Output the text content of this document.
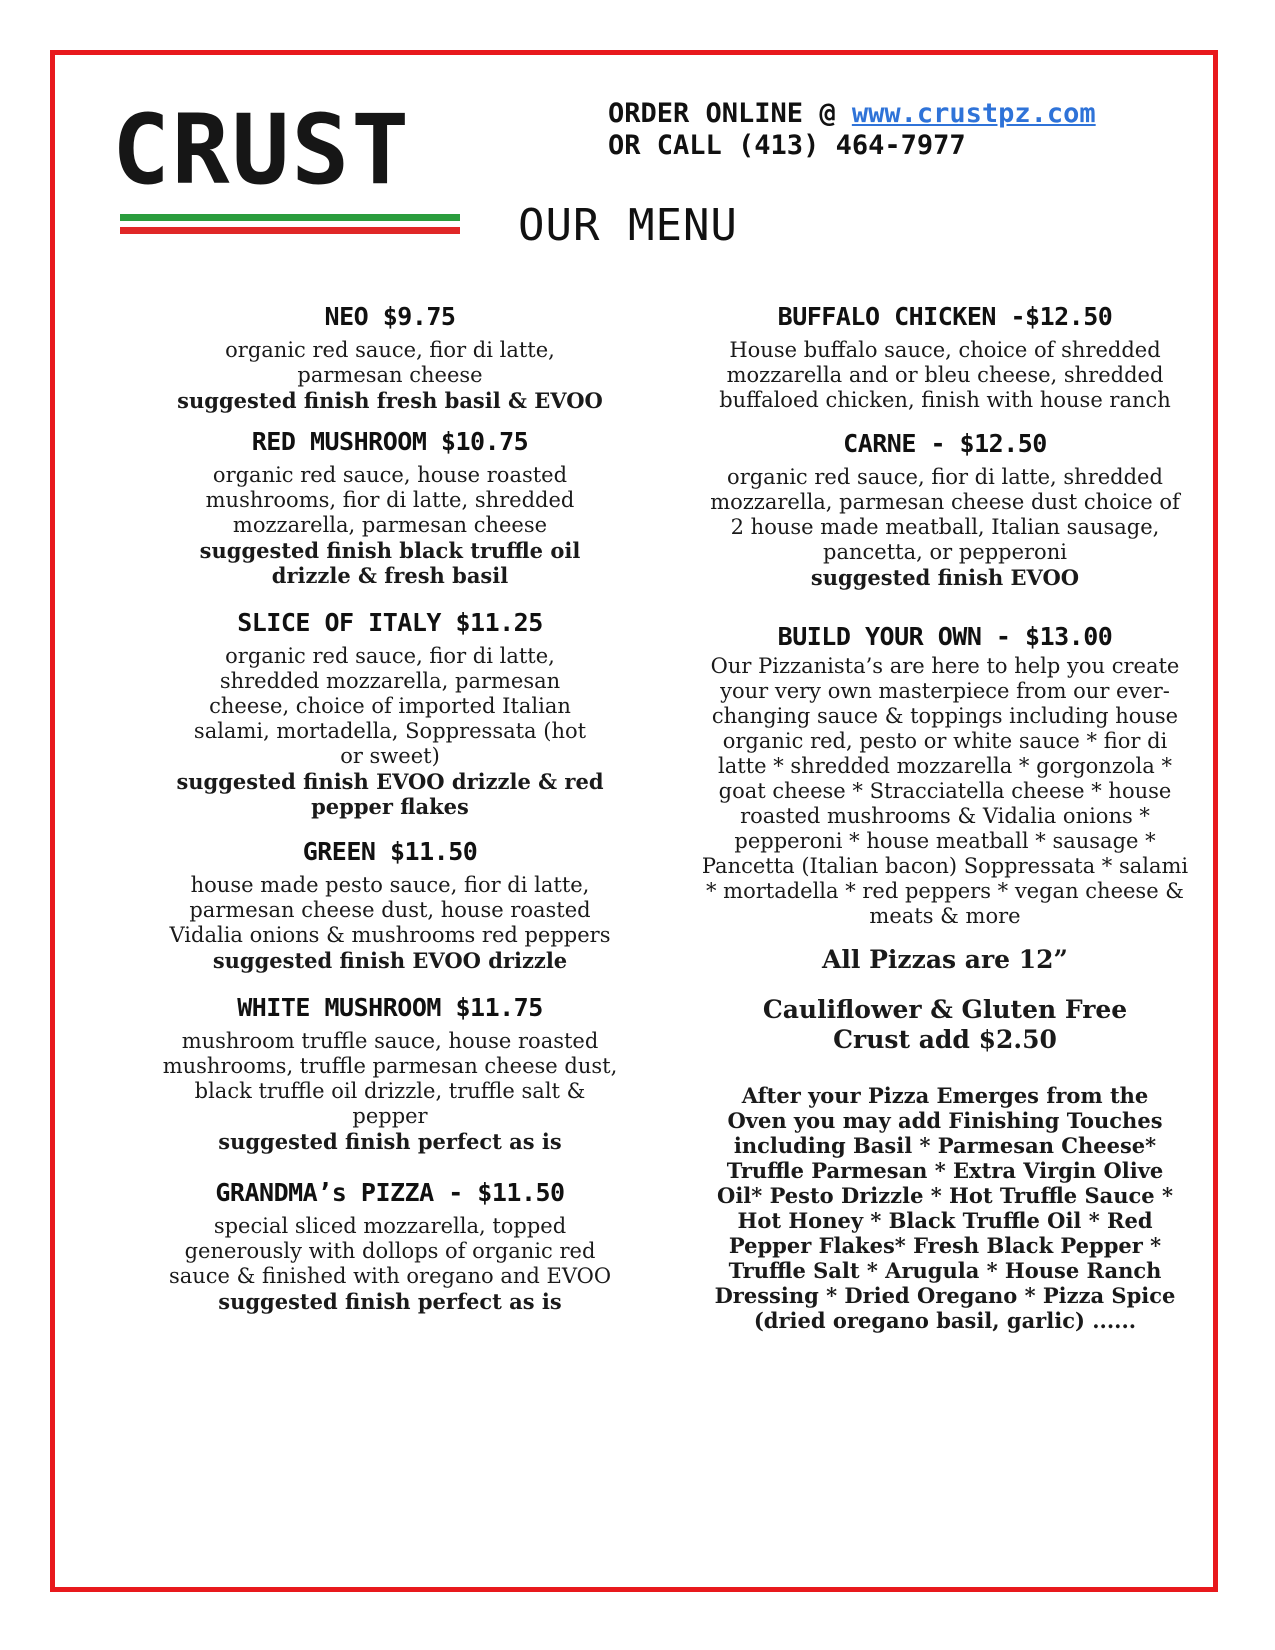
CRUST	ORDER ONLINE @ www.crustpz.com
OR CALL (413) 464-7977
OUR MENU
NEO $9.75

organic red sauce, fior di latte, parmesan cheese

suggested finish fresh basil & EVOO

RED MUSHROOM $10.75

organic red sauce, house roasted mushrooms, fior di latte, shredded mozzarella, parmesan cheese

suggested finish black truffle oil drizzle & fresh basil

SLICE OF ITALY $11.25

organic red sauce, fior di latte, shredded mozzarella, parmesan cheese, choice of imported Italian salami, mortadella, Soppressata (hot or sweet)

suggested finish EVOO drizzle & red pepper flakes

GREEN $11.50

house made pesto sauce, fior di latte, parmesan cheese dust, house roasted Vidalia onions & mushrooms red peppers

suggested finish EVOO drizzle

WHITE MUSHROOM $11.75

mushroom truffle sauce, house roasted mushrooms, truffle parmesan cheese dust, black truffle oil drizzle, truffle salt & pepper

suggested finish perfect as is

GRANDMA’s PIZZA - $11.50

special sliced mozzarella, topped generously with dollops of organic red sauce & finished with oregano and EVOO

suggested finish perfect as is

BUFFALO CHICKEN -$12.50

House buffalo sauce, choice of shredded mozzarella and or bleu cheese, shredded buffaloed chicken, finish with house ranch

CARNE - $12.50

organic red sauce, fior di latte, shredded mozzarella, parmesan cheese dust choice of 2 house made meatball, Italian sausage, pancetta, or pepperoni

suggested finish EVOO

BUILD YOUR OWN - $13.00

Our Pizzanista’s are here to help you create your very own masterpiece from our ever-changing sauce & toppings including house organic red, pesto or white sauce * fior di latte * shredded mozzarella * gorgonzola * goat cheese * Stracciatella cheese * house roasted mushrooms & Vidalia onions * pepperoni * house meatball * sausage * Pancetta (Italian bacon) Soppressata * salami * mortadella * red peppers * vegan cheese & meats & more

All Pizzas are 12”
Cauliflower & Gluten Free Crust add $2.50
After your Pizza Emerges from the Oven you may add Finishing Touches including Basil * Parmesan Cheese* Truffle Parmesan * Extra Virgin Olive Oil* Pesto Drizzle * Hot Truffle Sauce * Hot Honey * Black Truffle Oil * Red Pepper Flakes* Fresh Black Pepper * Truffle Salt * Arugula * House Ranch Dressing * Dried Oregano * Pizza Spice (dried oregano basil, garlic) ......
